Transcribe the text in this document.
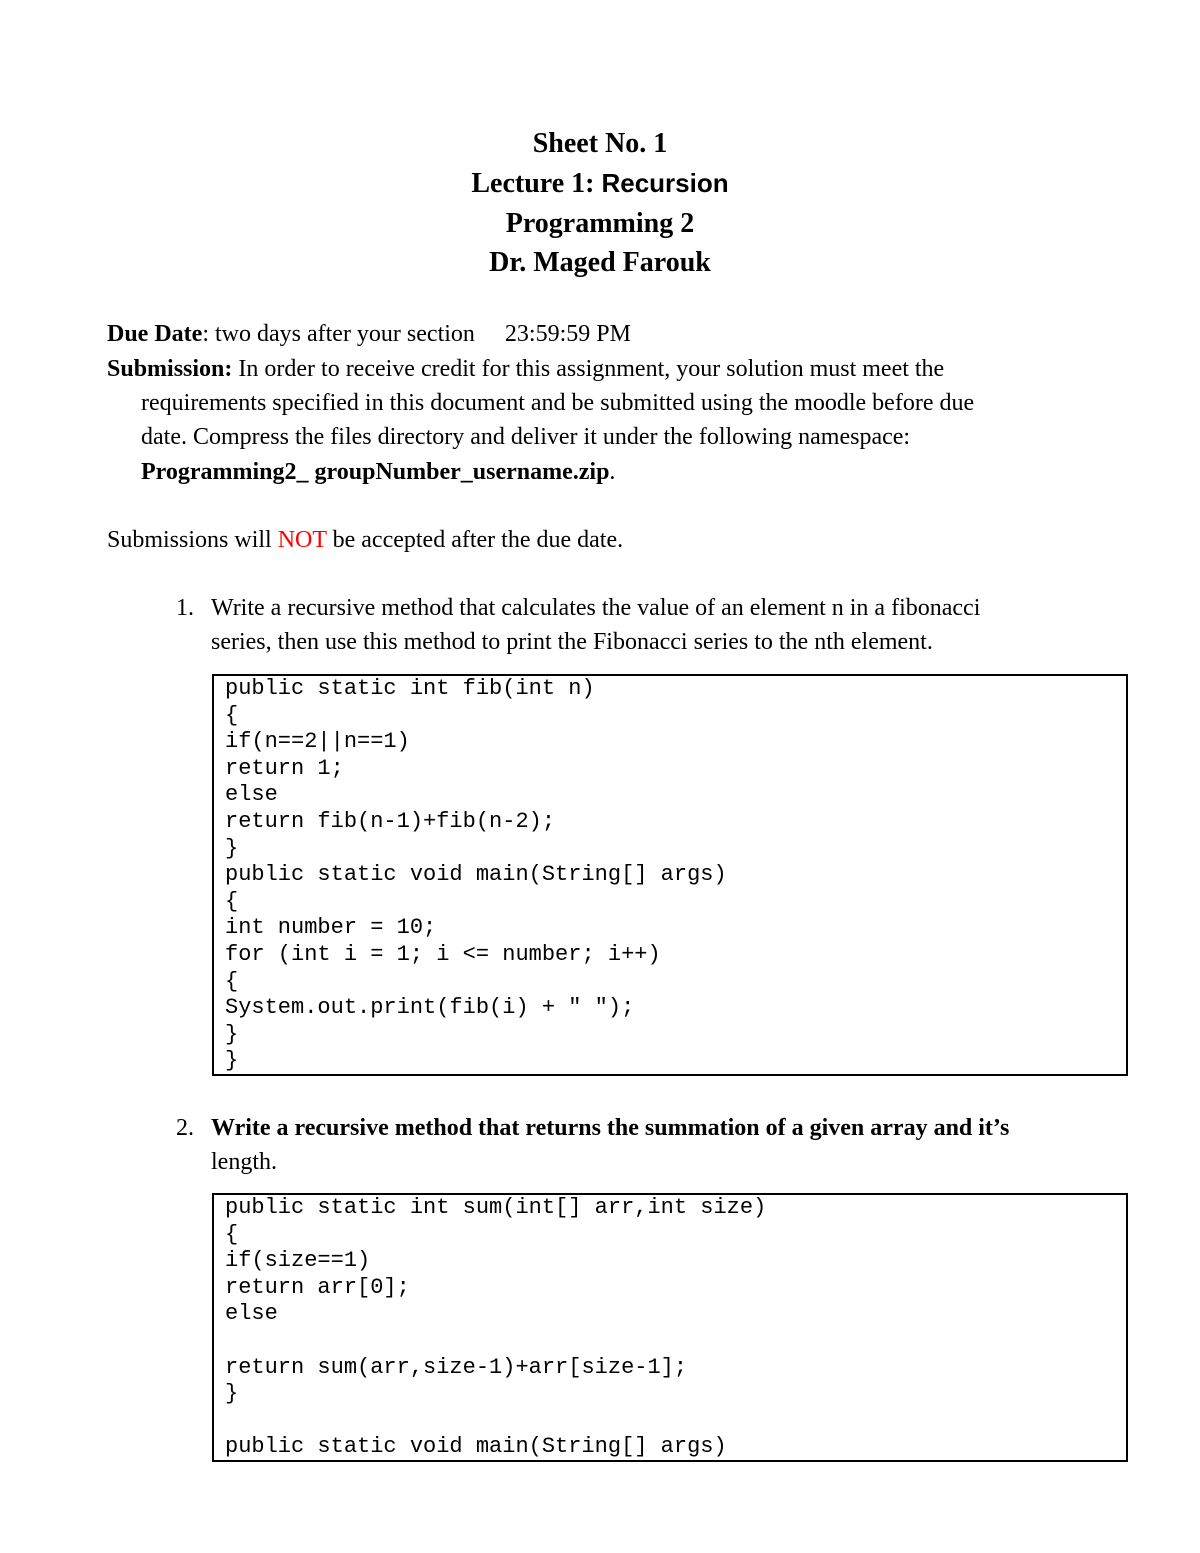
Sheet No. 1
Lecture 1: Recursion
Programming 2
Dr. Maged Farouk
Due Date: two days after your section     23:59:59 PM
Submission: In order to receive credit for this assignment, your solution must meet the
requirements specified in this document and be submitted using the moodle before due
date. Compress the files directory and deliver it under the following namespace:
Programming2_ groupNumber_username.zip.
Submissions will NOT be accepted after the due date.
1. Write a recursive method that calculates the value of an element n in a fibonacci
series, then use this method to print the Fibonacci series to the nth element.
public static int fib(int n)
{
if(n==2||n==1)
return 1;
else
return fib(n-1)+fib(n-2);
}
public static void main(String[] args)
{
int number = 10;
for (int i = 1; i <= number; i++)
{
System.out.print(fib(i) + " ");
}
}
2. Write a recursive method that returns the summation of a given array and it’s
length.
public static int sum(int[] arr,int size)
{
if(size==1)
return arr[0];
else
return sum(arr,size-1)+arr[size-1];
}
public static void main(String[] args)
